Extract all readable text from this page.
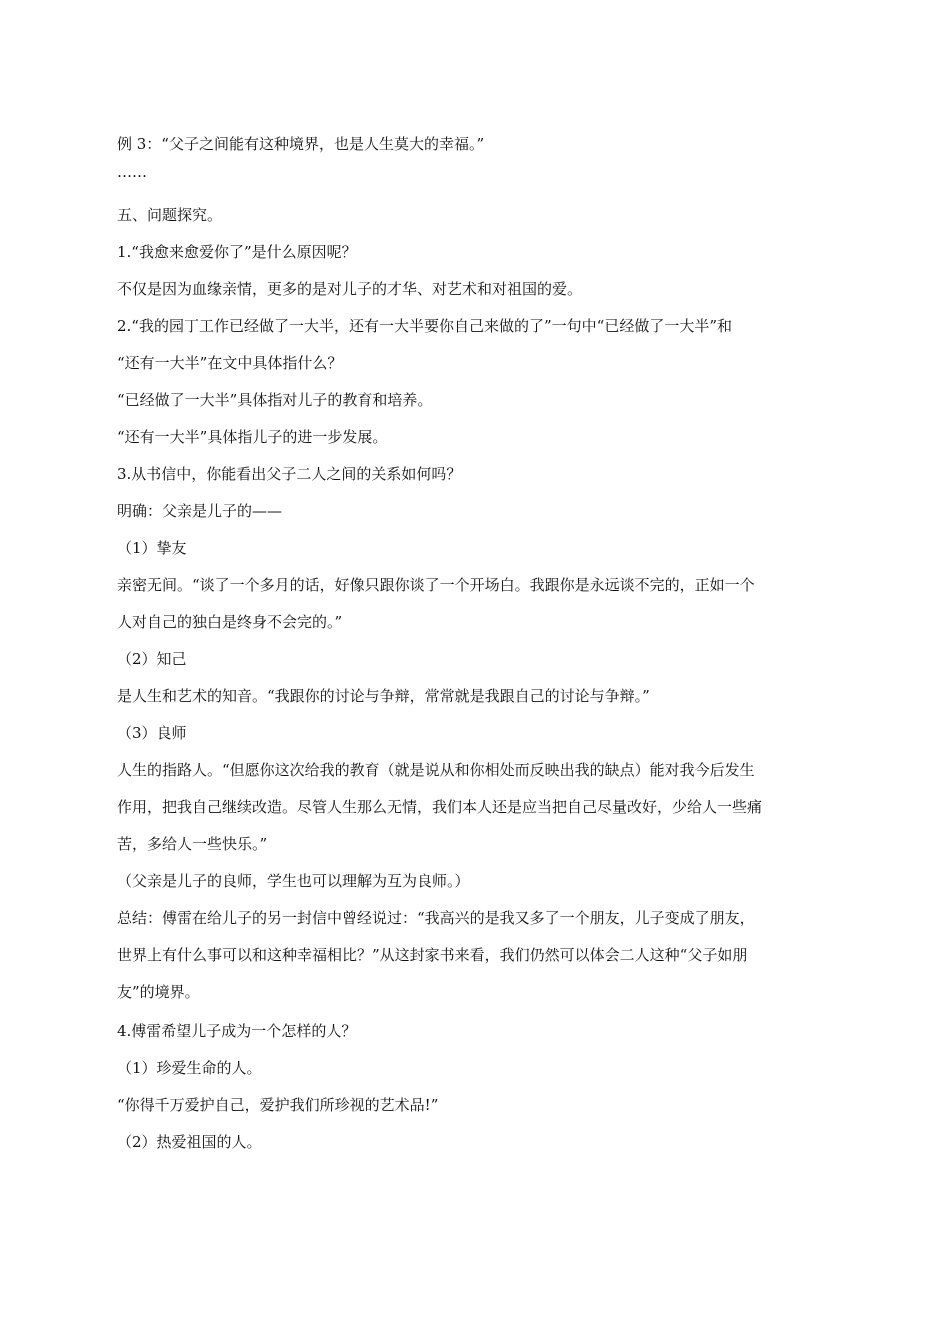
例 3：“父子之间能有这种境界，也是人生莫大的幸福。”
……
五、问题探究。
1.“我愈来愈爱你了”是什么原因呢？
不仅是因为血缘亲情，更多的是对儿子的才华、对艺术和对祖国的爱。
2.“我的园丁工作已经做了一大半，还有一大半要你自己来做的了”一句中“已经做了一大半”和
“还有一大半”在文中具体指什么？
“已经做了一大半”具体指对儿子的教育和培养。
“还有一大半”具体指儿子的进一步发展。
3.从书信中，你能看出父子二人之间的关系如何吗？
明确：父亲是儿子的——
（1）挚友
亲密无间。“谈了一个多月的话，好像只跟你谈了一个开场白。我跟你是永远谈不完的，正如一个
人对自己的独白是终身不会完的。”
（2）知己
是人生和艺术的知音。“我跟你的讨论与争辩，常常就是我跟自己的讨论与争辩。”
（3）良师
人生的指路人。“但愿你这次给我的教育（就是说从和你相处而反映出我的缺点）能对我今后发生
作用，把我自己继续改造。尽管人生那么无情，我们本人还是应当把自己尽量改好，少给人一些痛
苦，多给人一些快乐。”
（父亲是儿子的良师，学生也可以理解为互为良师。）
总结：傅雷在给儿子的另一封信中曾经说过：“我高兴的是我又多了一个朋友，儿子变成了朋友，
世界上有什么事可以和这种幸福相比？”从这封家书来看，我们仍然可以体会二人这种“父子如朋
友”的境界。
4.傅雷希望儿子成为一个怎样的人？
（1）珍爱生命的人。
“你得千万爱护自己，爱护我们所珍视的艺术品!”
（2）热爱祖国的人。
